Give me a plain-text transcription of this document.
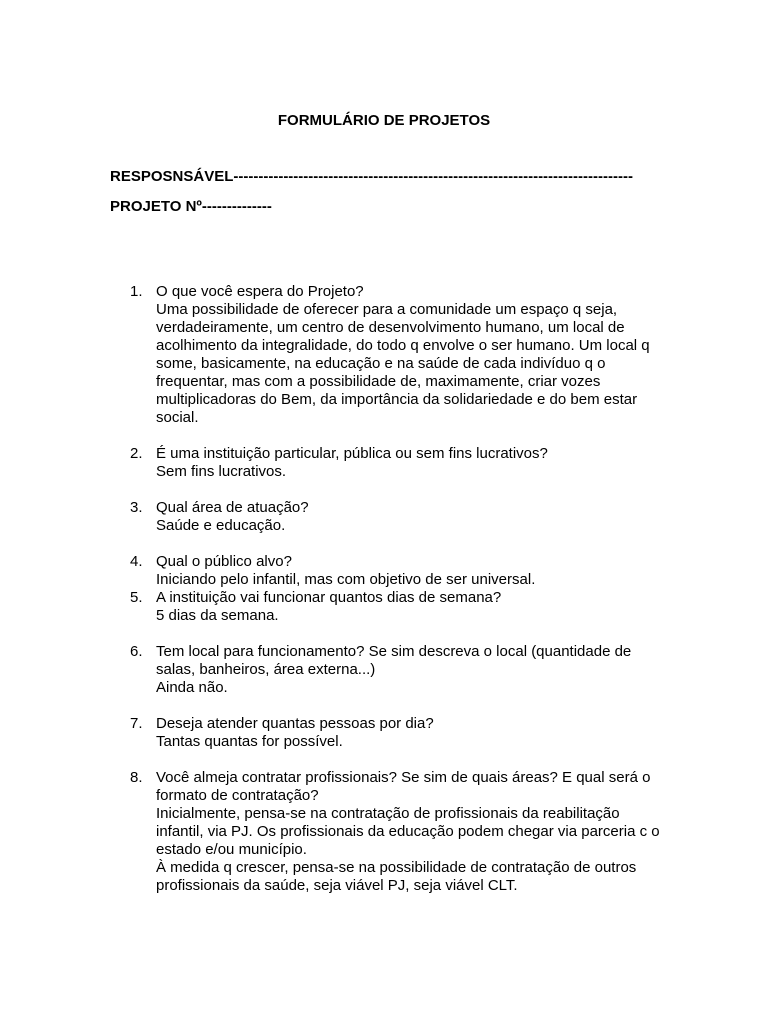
FORMULÁRIO DE PROJETOS
RESPOSNSÁVEL--------------------------------------------------------------------------------
PROJETO Nº--------------
1. O que você espera do Projeto?
Uma possibilidade de oferecer para a comunidade um espaço q seja, verdadeiramente, um centro de desenvolvimento humano, um local de acolhimento da integralidade, do todo q envolve o ser humano. Um local q some, basicamente, na educação e na saúde de cada indivíduo q o frequentar, mas com a possibilidade de, maximamente, criar vozes multiplicadoras do Bem, da importância da solidariedade e do bem estar social.
2. É uma instituição particular, pública ou sem fins lucrativos?
Sem fins lucrativos.
3. Qual área de atuação?
Saúde e educação.
4. Qual o público alvo?
Iniciando pelo infantil, mas com objetivo de ser universal.
5. A instituição vai funcionar quantos dias de semana?
5 dias da semana.
6. Tem local para funcionamento? Se sim descreva o local (quantidade de salas, banheiros, área externa...)
Ainda não.
7. Deseja atender quantas pessoas por dia?
Tantas quantas for possível.
8. Você almeja contratar profissionais? Se sim de quais áreas? E qual será o formato de contratação?
Inicialmente, pensa-se na contratação de profissionais da reabilitação infantil, via PJ. Os profissionais da educação podem chegar via parceria c o estado e/ou município.
À medida q crescer, pensa-se na possibilidade de contratação de outros profissionais da saúde, seja viável PJ, seja viável CLT.
